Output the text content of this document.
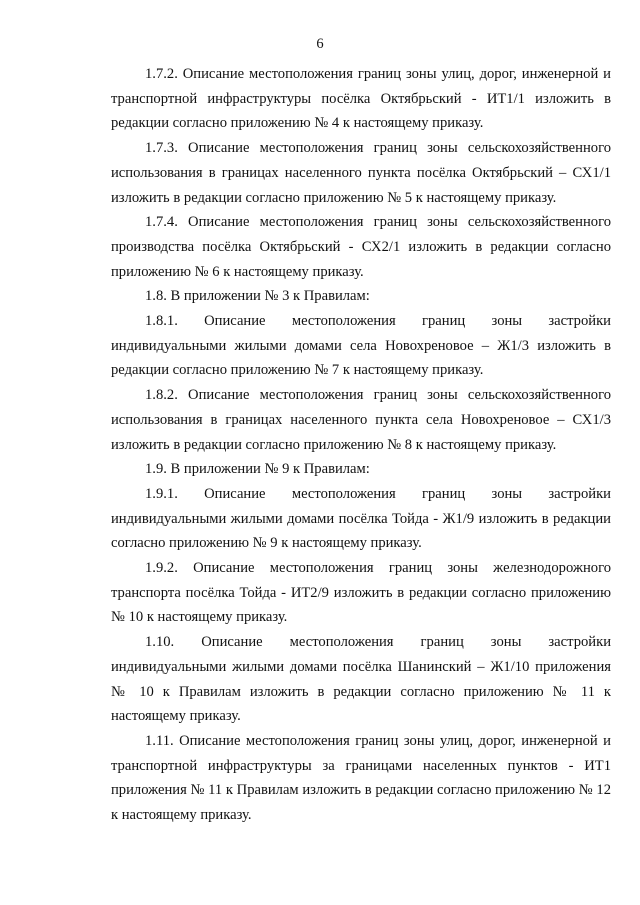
6

1.7.2. Описание местоположения границ зоны улиц, дорог, инженерной и транспортной инфраструктуры посёлка Октябрьский - ИТ1/1 изложить в редакции согласно приложению № 4 к настоящему приказу.

1.7.3. Описание местоположения границ зоны сельскохозяйственного использования в границах населенного пункта посёлка Октябрьский – СХ1/1 изложить в редакции согласно приложению № 5 к настоящему приказу.

1.7.4. Описание местоположения границ зоны сельскохозяйственного производства посёлка Октябрьский - СХ2/1 изложить в редакции согласно приложению № 6 к настоящему приказу.

1.8. В приложении № 3 к Правилам:

1.8.1. Описание местоположения границ зоны застройки индивидуальными жилыми домами села Новохреновое – Ж1/3 изложить в редакции согласно приложению № 7 к настоящему приказу.

1.8.2. Описание местоположения границ зоны сельскохозяйственного использования в границах населенного пункта села Новохреновое – СХ1/3 изложить в редакции согласно приложению № 8 к настоящему приказу.

1.9. В приложении № 9 к Правилам:

1.9.1. Описание местоположения границ зоны застройки индивидуальными жилыми домами посёлка Тойда - Ж1/9 изложить в редакции согласно приложению № 9 к настоящему приказу.

1.9.2. Описание местоположения границ зоны железнодорожного транспорта посёлка Тойда - ИТ2/9 изложить в редакции согласно приложению № 10 к настоящему приказу.

1.10. Описание местоположения границ зоны застройки индивидуальными жилыми домами посёлка Шанинский – Ж1/10 приложения № 10 к Правилам изложить в редакции согласно приложению № 11 к настоящему приказу.

1.11. Описание местоположения границ зоны улиц, дорог, инженерной и транспортной инфраструктуры за границами населенных пунктов - ИТ1 приложения № 11 к Правилам изложить в редакции согласно приложению № 12 к настоящему приказу.
